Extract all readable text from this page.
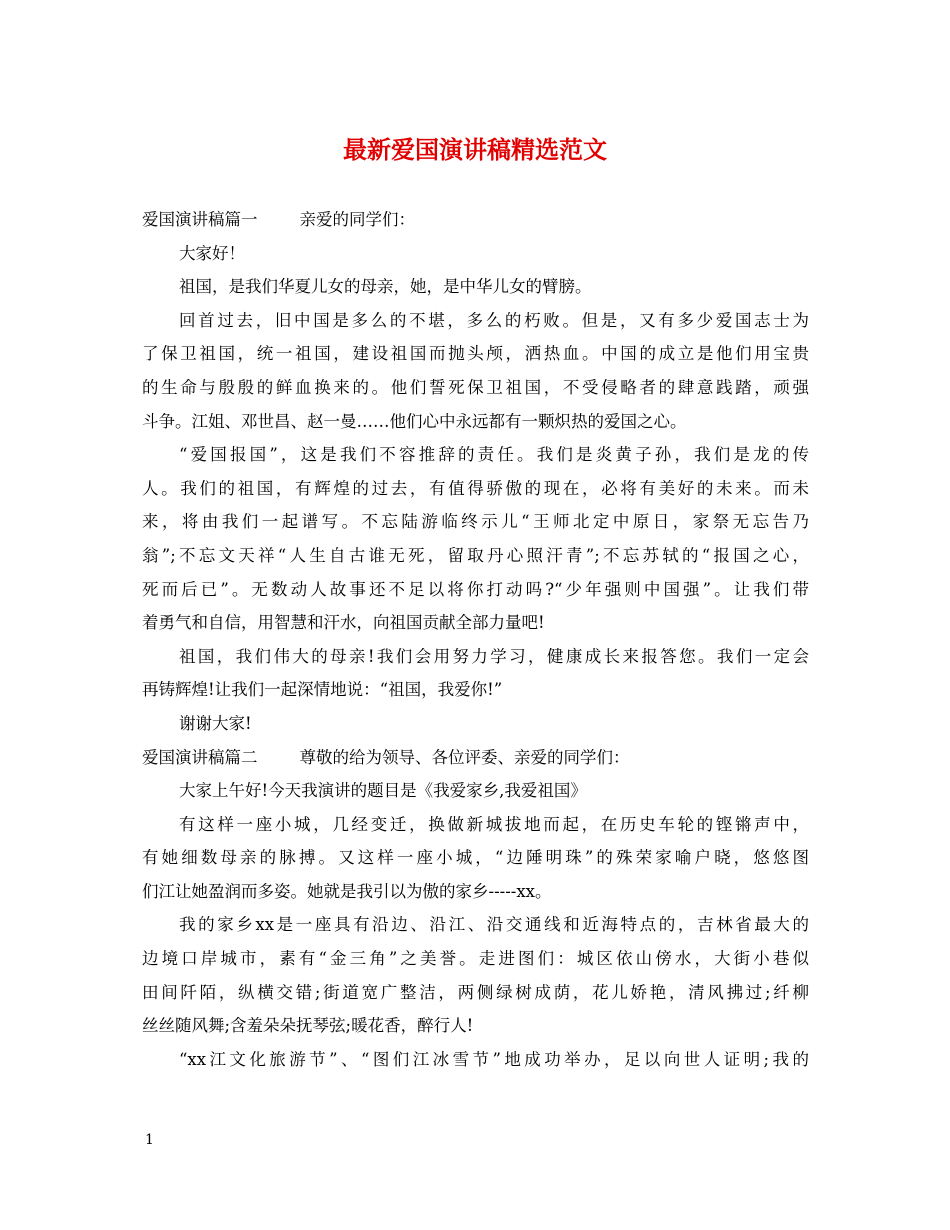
最新爱国演讲稿精选范文
爱国演讲稿篇一	亲爱的同学们：
大家好！
祖国，是我们华夏儿女的母亲，她，是中华儿女的臂膀。
回首过去，旧中国是多么的不堪，多么的朽败。但是，又有多少爱国志士为
了保卫祖国，统一祖国，建设祖国而抛头颅，洒热血。中国的成立是他们用宝贵
的生命与殷殷的鲜血换来的。他们誓死保卫祖国，不受侵略者的肆意践踏，顽强
斗争。江姐、邓世昌、赵一曼……他们心中永远都有一颗炽热的爱国之心。
“爱国报国”，这是我们不容推辞的责任。我们是炎黄子孙，我们是龙的传
人。我们的祖国，有辉煌的过去，有值得骄傲的现在，必将有美好的未来。而未
来，将由我们一起谱写。不忘陆游临终示儿“王师北定中原日，家祭无忘告乃
翁”;不忘文天祥“人生自古谁无死，留取丹心照汗青”;不忘苏轼的“报国之心，
死而后已”。无数动人故事还不足以将你打动吗?“少年强则中国强”。让我们带
着勇气和自信，用智慧和汗水，向祖国贡献全部力量吧!
祖国，我们伟大的母亲!我们会用努力学习，健康成长来报答您。我们一定会
再铸辉煌!让我们一起深情地说：“祖国，我爱你!”
谢谢大家!
爱国演讲稿篇二	尊敬的给为领导、各位评委、亲爱的同学们：
大家上午好!今天我演讲的题目是《我爱家乡,我爱祖国》
有这样一座小城，几经变迁，换做新城拔地而起，在历史车轮的铿锵声中，
有她细数母亲的脉搏。又这样一座小城，“边陲明珠”的殊荣家喻户晓，悠悠图
们江让她盈润而多姿。她就是我引以为傲的家乡-----xx。
我的家乡xx是一座具有沿边、沿江、沿交通线和近海特点的，吉林省最大的
边境口岸城市，素有“金三角”之美誉。走进图们：城区依山傍水，大街小巷似
田间阡陌，纵横交错;街道宽广整洁，两侧绿树成荫，花儿娇艳，清风拂过;纤柳
丝丝随风舞;含羞朵朵抚琴弦;暖花香，醉行人!
“xx江文化旅游节”、“图们江冰雪节”地成功举办，足以向世人证明;我的
1
